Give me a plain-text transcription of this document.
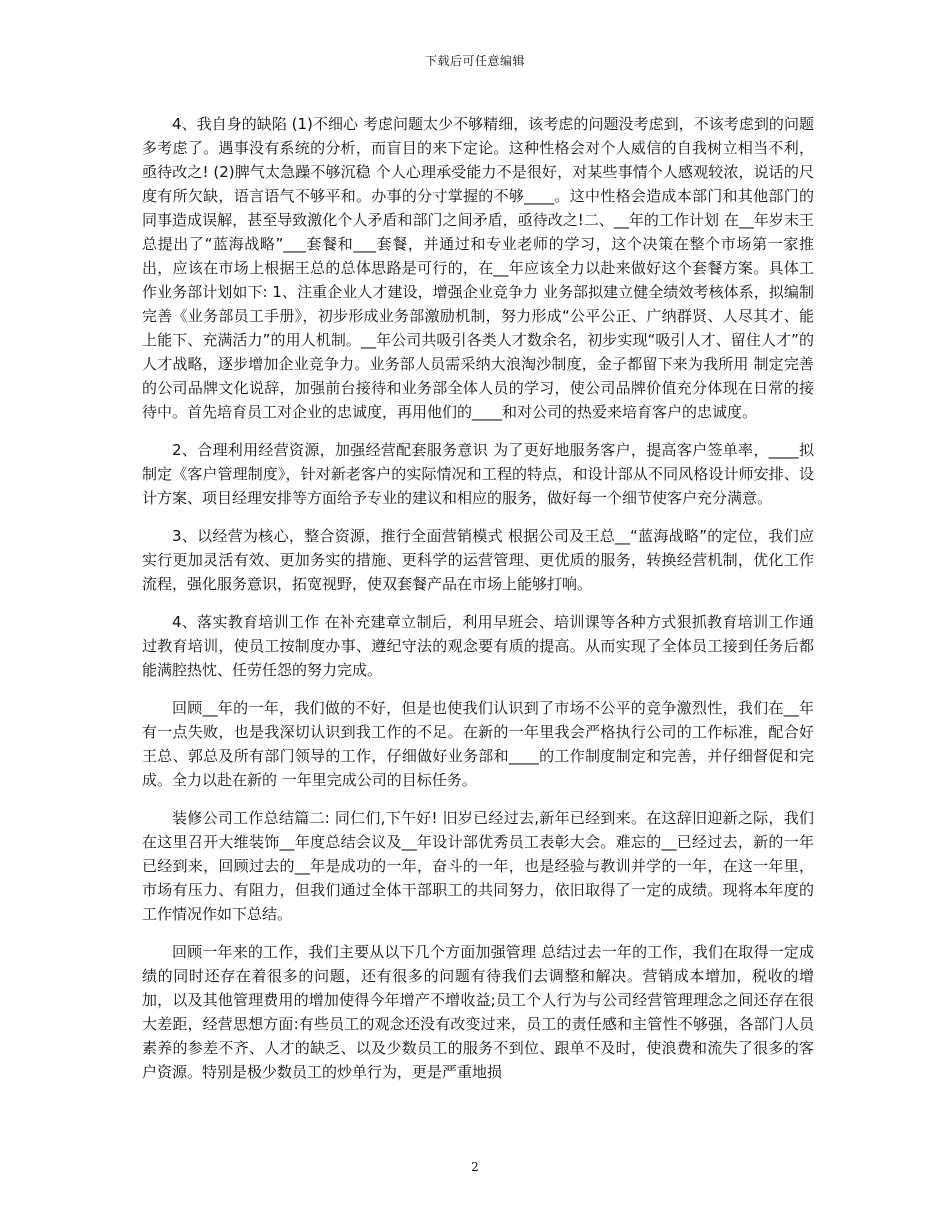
下载后可任意编辑

4、我自身的缺陷 (1)不细心 考虑问题太少不够精细，该考虑的问题没考虑到，不该考虑到的问题多考虑了。遇事没有系统的分析，而盲目的来下定论。这种性格会对个人威信的自我树立相当不利，亟待改之! (2)脾气太急躁不够沉稳 个人心理承受能力不是很好，对某些事情个人感观较浓，说话的尺度有所欠缺，语言语气不够平和。办事的分寸掌握的不够____。这中性格会造成本部门和其他部门的同事造成误解，甚至导致激化个人矛盾和部门之间矛盾，亟待改之!二、__年的工作计划 在__年岁末王总提出了“蓝海战略”___套餐和___套餐，并通过和专业老师的学习，这个决策在整个市场第一家推出，应该在市场上根据王总的总体思路是可行的，在__年应该全力以赴来做好这个套餐方案。具体工作业务部计划如下: 1、注重企业人才建设，增强企业竞争力 业务部拟建立健全绩效考核体系，拟编制完善《业务部员工手册》，初步形成业务部激励机制，努力形成“公平公正、广纳群贤、人尽其才、能上能下、充满活力”的用人机制。__年公司共吸引各类人才数余名，初步实现“吸引人才、留住人才”的人才战略，逐步增加企业竞争力。业务部人员需采纳大浪淘沙制度，金子都留下来为我所用 制定完善的公司品牌文化说辞，加强前台接待和业务部全体人员的学习，使公司品牌价值充分体现在日常的接待中。首先培育员工对企业的忠诚度，再用他们的____和对公司的热爱来培育客户的忠诚度。

2、合理利用经营资源，加强经营配套服务意识 为了更好地服务客户，提高客户签单率，____拟制定《客户管理制度》，针对新老客户的实际情况和工程的特点，和设计部从不同风格设计师安排、设计方案、项目经理安排等方面给予专业的建议和相应的服务，做好每一个细节使客户充分满意。

3、以经营为核心，整合资源，推行全面营销模式 根据公司及王总__“蓝海战略”的定位，我们应实行更加灵活有效、更加务实的措施、更科学的运营管理、更优质的服务，转换经营机制，优化工作流程，强化服务意识，拓宽视野，使双套餐产品在市场上能够打响。

4、落实教育培训工作 在补充建章立制后，利用早班会、培训课等各种方式狠抓教育培训工作通过教育培训，使员工按制度办事、遵纪守法的观念要有质的提高。从而实现了全体员工接到任务后都能满腔热忱、任劳任怨的努力完成。

回顾__年的一年，我们做的不好，但是也使我们认识到了市场不公平的竞争激烈性，我们在__年有一点失败，也是我深切认识到我工作的不足。在新的一年里我会严格执行公司的工作标准，配合好王总、郭总及所有部门领导的工作，仔细做好业务部和____的工作制度制定和完善，并仔细督促和完成。全力以赴在新的 一年里完成公司的目标任务。

装修公司工作总结篇二: 同仁们,下午好! 旧岁已经过去,新年已经到来。在这辞旧迎新之际，我们在这里召开大维装饰__年度总结会议及__年设计部优秀员工表彰大会。难忘的__已经过去，新的一年已经到来，回顾过去的__年是成功的一年，奋斗的一年，也是经验与教训并学的一年，在这一年里，市场有压力、有阻力，但我们通过全体干部职工的共同努力，依旧取得了一定的成绩。现将本年度的工作情况作如下总结。

回顾一年来的工作，我们主要从以下几个方面加强管理 总结过去一年的工作，我们在取得一定成绩的同时还存在着很多的问题，还有很多的问题有待我们去调整和解决。营销成本增加，税收的增加，以及其他管理费用的增加使得今年增产不增收益;员工个人行为与公司经营管理理念之间还存在很大差距，经营思想方面:有些员工的观念还没有改变过来，员工的责任感和主管性不够强，各部门人员素养的参差不齐、人才的缺乏、以及少数员工的服务不到位、跟单不及时，使浪费和流失了很多的客户资源。特别是极少数员工的炒单行为，更是严重地损

2
